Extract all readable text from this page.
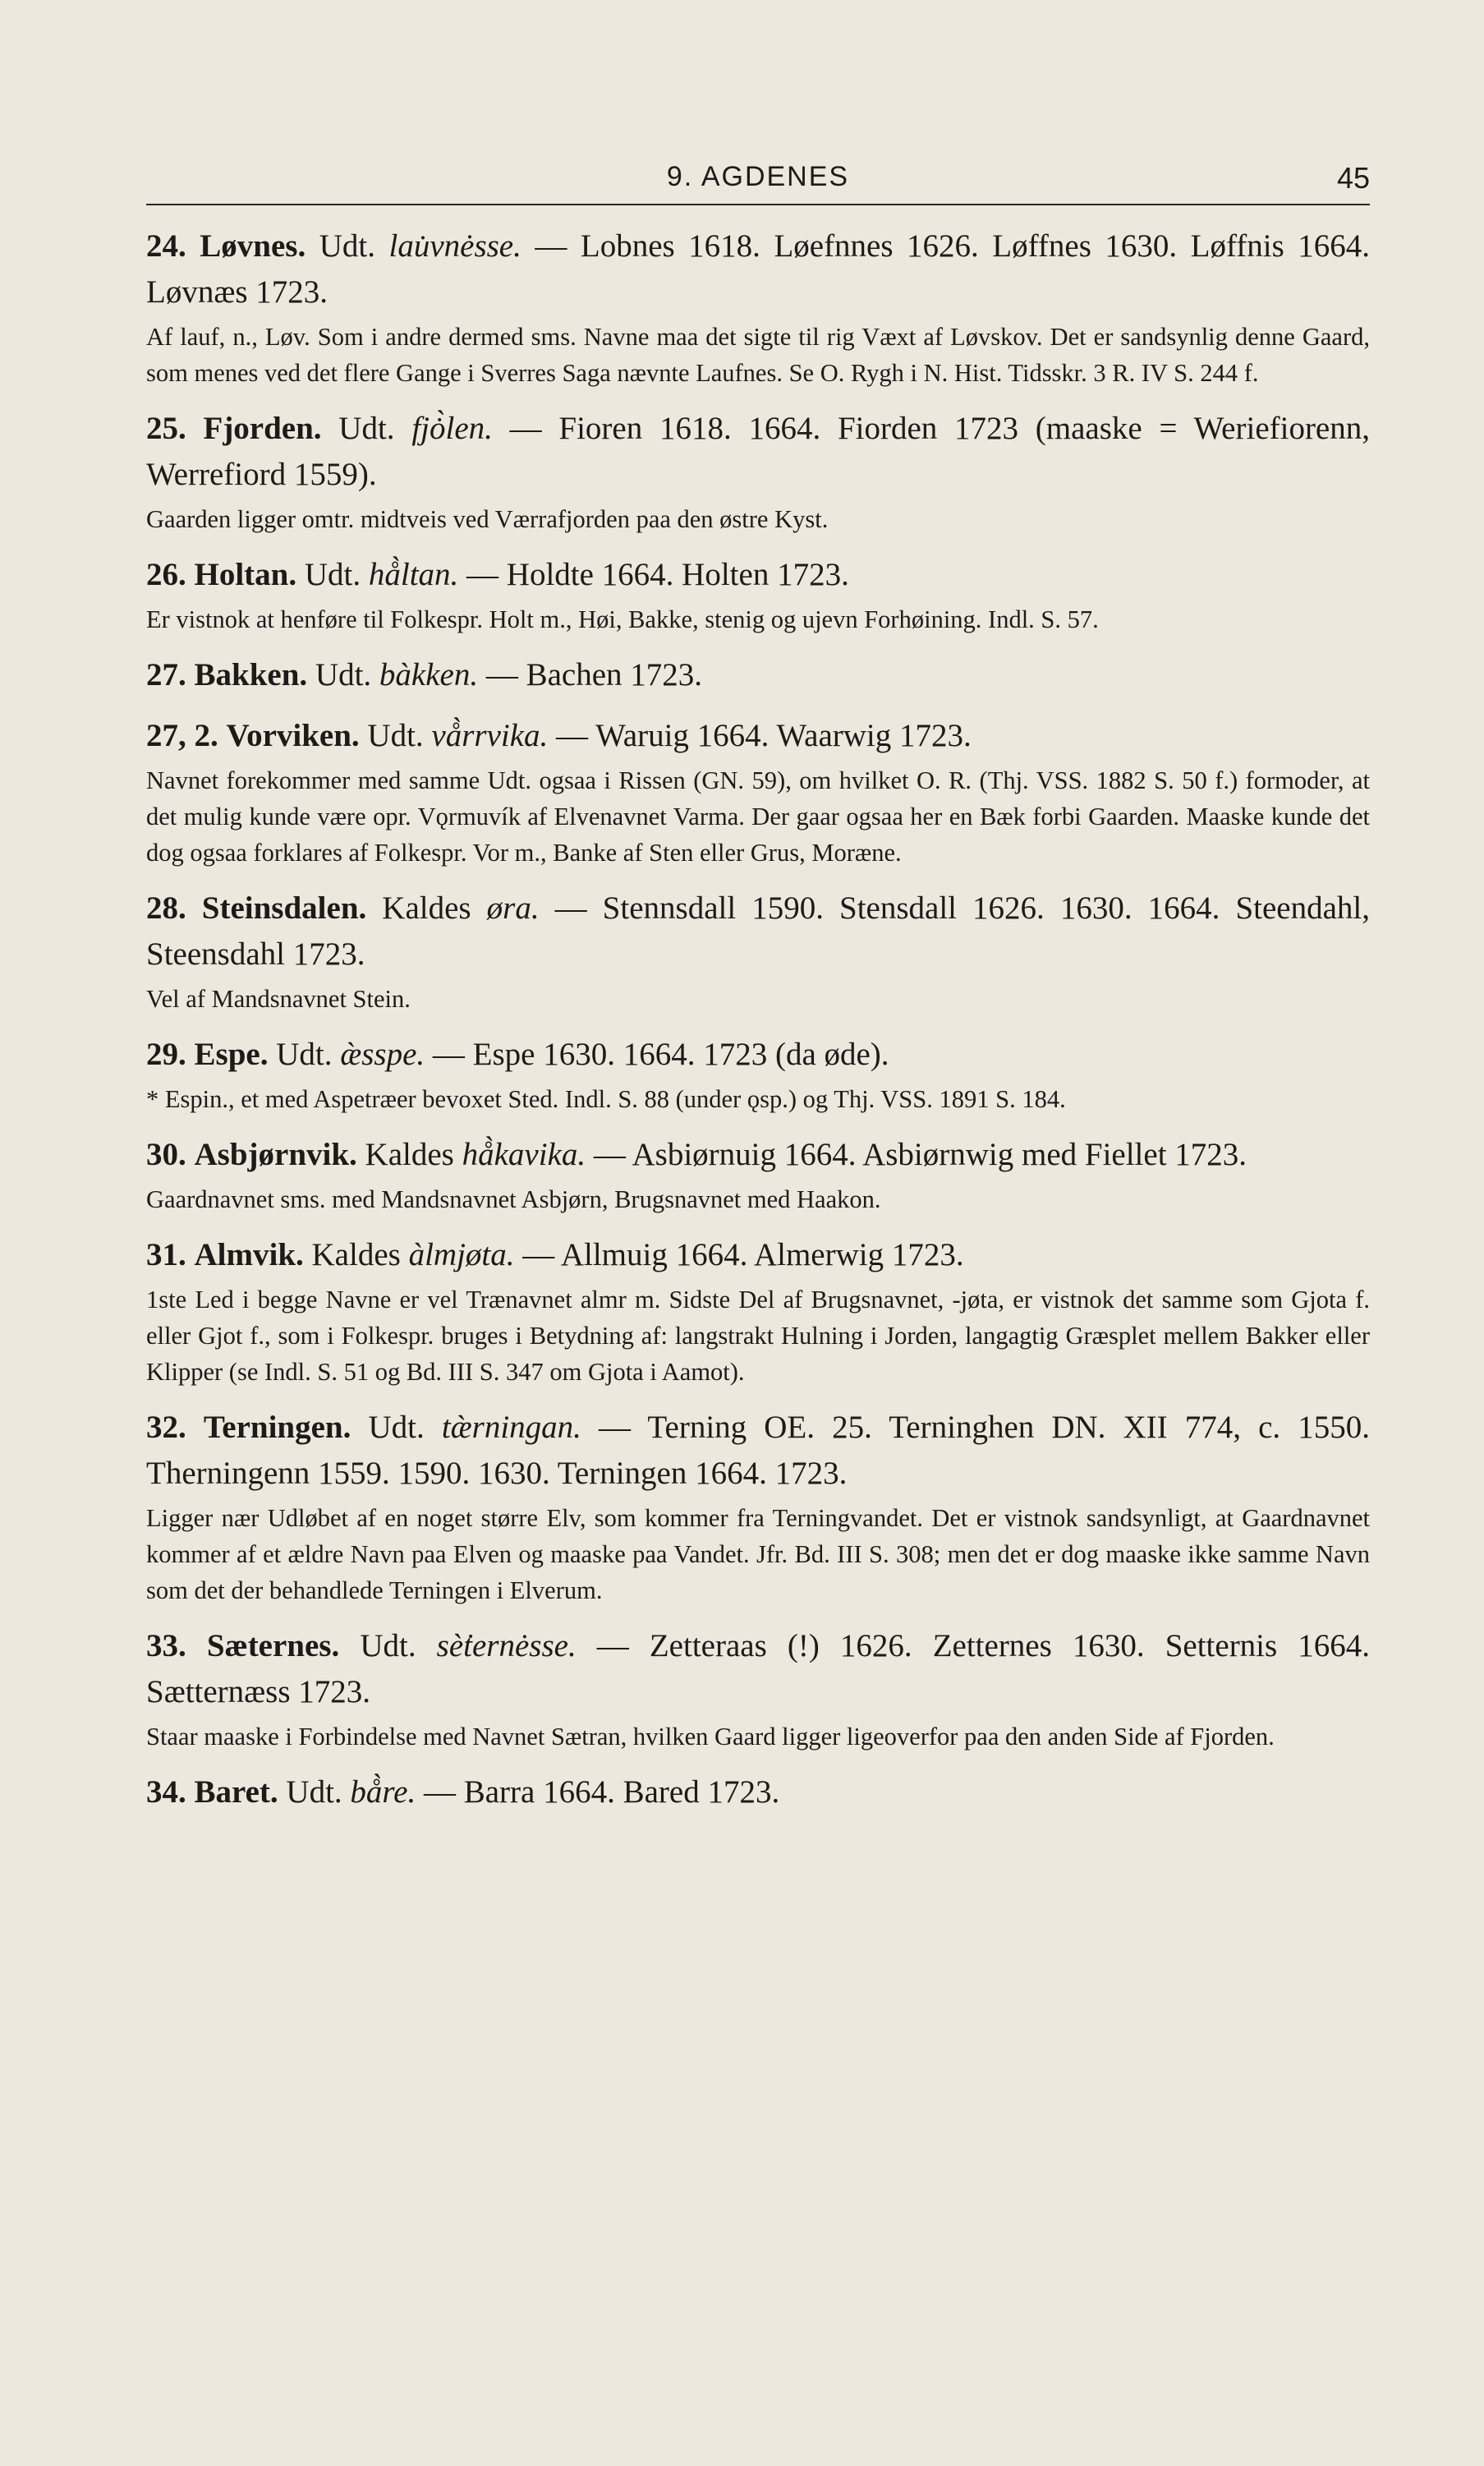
9. AGDENES	45

24. Løvnes. Udt. lau̇vnėsse. — Lobnes 1618. Løefnnes 1626. Løffnes 1630. Løffnis 1664. Løvnæs 1723.

Af lauf, n., Løv. Som i andre dermed sms. Navne maa det sigte til rig Væxt af Løvskov. Det er sandsynlig denne Gaard, som menes ved det flere Gange i Sverres Saga nævnte Laufnes. Se O. Rygh i N. Hist. Tidsskr. 3 R. IV S. 244 f.

25. Fjorden. Udt. fjȯ̀len. — Fioren 1618. 1664. Fiorden 1723 (maaske = Weriefiorenn, Werrefiord 1559).

Gaarden ligger omtr. midtveis ved Værrafjorden paa den østre Kyst.

26. Holtan. Udt. hå̀ltan. — Holdte 1664. Holten 1723.

Er vistnok at henføre til Folkespr. Holt m., Høi, Bakke, stenig og ujevn Forhøining. Indl. S. 57.

27. Bakken. Udt. bàkken. — Bachen 1723.

27, 2. Vorviken. Udt. vå̀rrvika. — Waruig 1664. Waarwig 1723.

Navnet forekommer med samme Udt. ogsaa i Rissen (GN. 59), om hvilket O. R. (Thj. VSS. 1882 S. 50 f.) formoder, at det mulig kunde være opr. Vǫrmuvík af Elvenavnet Varma. Der gaar ogsaa her en Bæk forbi Gaarden. Maaske kunde det dog ogsaa forklares af Folkespr. Vor m., Banke af Sten eller Grus, Moræne.

28. Steinsdalen. Kaldes øra. — Stennsdall 1590. Stensdall 1626. 1630. 1664. Steendahl, Steensdahl 1723.

Vel af Mandsnavnet Stein.

29. Espe. Udt. æ̀sspe. — Espe 1630. 1664. 1723 (da øde).

* Espin., et med Aspetræer bevoxet Sted. Indl. S. 88 (under ǫsp.) og Thj. VSS. 1891 S. 184.

30. Asbjørnvik. Kaldes hå̀kavika. — Asbiørnuig 1664. Asbiørnwig med Fiellet 1723.

Gaardnavnet sms. med Mandsnavnet Asbjørn, Brugsnavnet med Haakon.

31. Almvik. Kaldes àlmjøta. — Allmuig 1664. Almerwig 1723.

1ste Led i begge Navne er vel Trænavnet almr m. Sidste Del af Brugsnavnet, -jøta, er vistnok det samme som Gjota f. eller Gjot f., som i Folkespr. bruges i Betydning af: langstrakt Hulning i Jorden, langagtig Græsplet mellem Bakker eller Klipper (se Indl. S. 51 og Bd. III S. 347 om Gjota i Aamot).

32. Terningen. Udt. tæ̀rningan. — Terning OE. 25. Terninghen DN. XII 774, c. 1550. Therningenn 1559. 1590. 1630. Terningen 1664. 1723.

Ligger nær Udløbet af en noget større Elv, som kommer fra Terningvandet. Det er vistnok sandsynligt, at Gaardnavnet kommer af et ældre Navn paa Elven og maaske paa Vandet. Jfr. Bd. III S. 308; men det er dog maaske ikke samme Navn som det der behandlede Terningen i Elverum.

33. Sæternes. Udt. sè̇ternėsse. — Zetteraas (!) 1626. Zetternes 1630. Setternis 1664. Sætternæss 1723.

Staar maaske i Forbindelse med Navnet Sætran, hvilken Gaard ligger ligeoverfor paa den anden Side af Fjorden.

34. Baret. Udt. bå̀re. — Barra 1664. Bared 1723.
